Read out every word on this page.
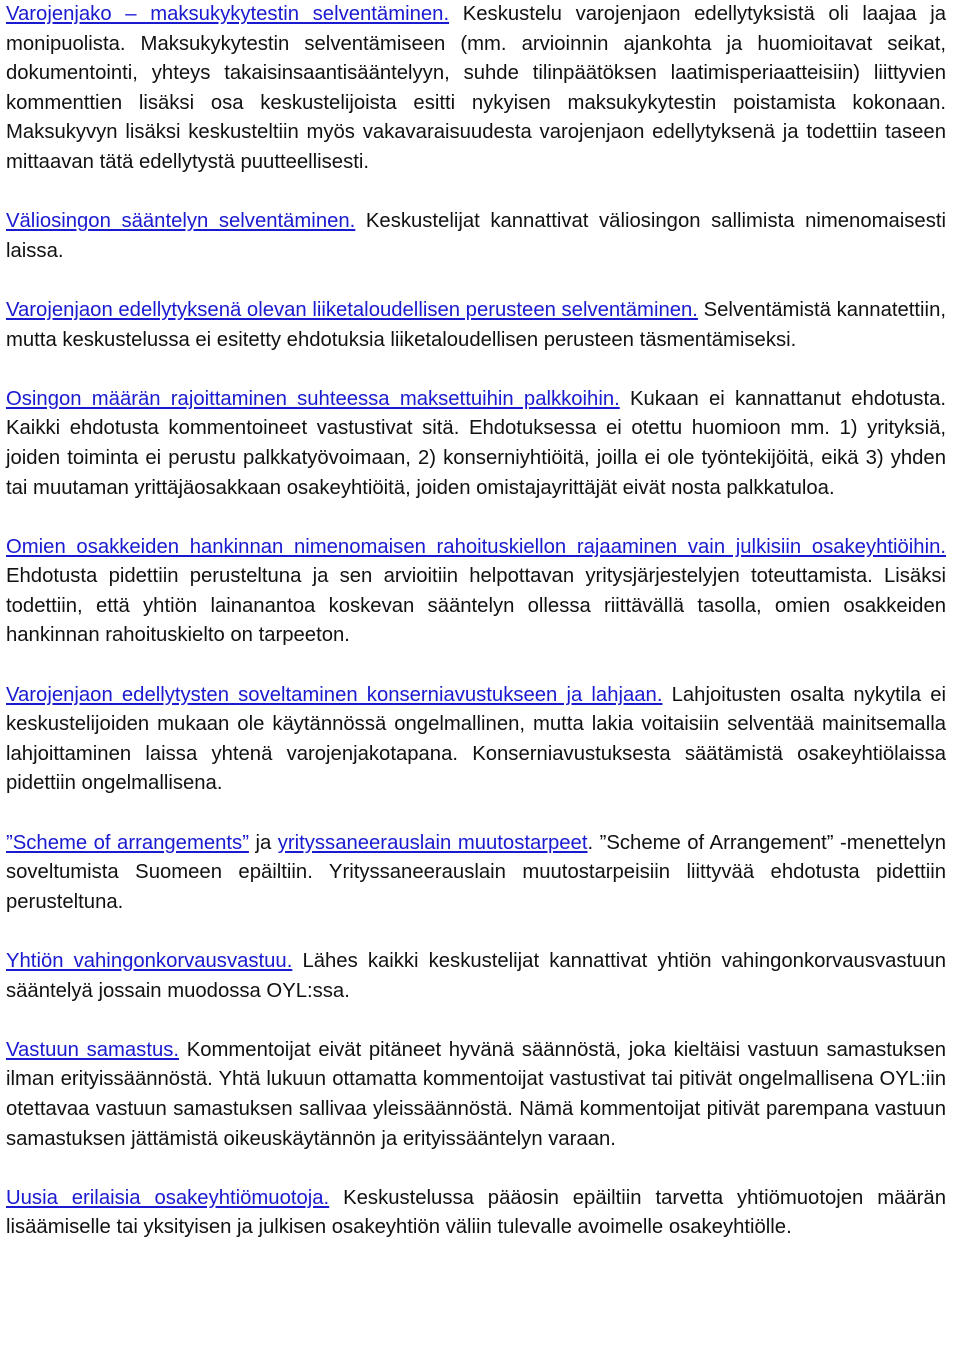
Varojenjako – maksukykytestin selventäminen. Keskustelu varojenjaon edellytyksistä oli laajaa ja monipuolista. Maksukykytestin selventämiseen (mm. arvioinnin ajankohta ja huomioitavat seikat, dokumentointi, yhteys takaisinsaantisääntelyyn, suhde tilinpäätöksen laatimisperiaatteisiin) liittyvien kommenttien lisäksi osa keskustelijoista esitti nykyisen maksukykytestin poistamista kokonaan. Maksukyvyn lisäksi keskusteltiin myös vakavaraisuudesta varojenjaon edellytyksenä ja todettiin taseen mittaavan tätä edellytystä puutteellisesti.

Väliosingon sääntelyn selventäminen. Keskustelijat kannattivat väliosingon sallimista nimenomaisesti laissa.

Varojenjaon edellytyksenä olevan liiketaloudellisen perusteen selventäminen. Selventämistä kannatettiin, mutta keskustelussa ei esitetty ehdotuksia liiketaloudellisen perusteen täsmentämiseksi.

Osingon määrän rajoittaminen suhteessa maksettuihin palkkoihin. Kukaan ei kannattanut ehdotusta. Kaikki ehdotusta kommentoineet vastustivat sitä. Ehdotuksessa ei otettu huomioon mm. 1) yrityksiä, joiden toiminta ei perustu palkkatyövoimaan, 2) konserniyhtiöitä, joilla ei ole työntekijöitä, eikä 3) yhden tai muutaman yrittäjäosakkaan osakeyhtiöitä, joiden omistajayrittäjät eivät nosta palkkatuloa.

Omien osakkeiden hankinnan nimenomaisen rahoituskiellon rajaaminen vain julkisiin osakeyhtiöihin. Ehdotusta pidettiin perusteltuna ja sen arvioitiin helpottavan yritysjärjestelyjen toteuttamista. Lisäksi todettiin, että yhtiön lainanantoa koskevan sääntelyn ollessa riittävällä tasolla, omien osakkeiden hankinnan rahoituskielto on tarpeeton.

Varojenjaon edellytysten soveltaminen konserniavustukseen ja lahjaan. Lahjoitusten osalta nykytila ei keskustelijoiden mukaan ole käytännössä ongelmallinen, mutta lakia voitaisiin selventää mainitsemalla lahjoittaminen laissa yhtenä varojenjakotapana. Konserniavustuksesta säätämistä osakeyhtiölaissa pidettiin ongelmallisena.

”Scheme of arrangements” ja yrityssaneerauslain muutostarpeet. ”Scheme of Arrangement” -menettelyn soveltumista Suomeen epäiltiin. Yrityssaneerauslain muutostarpeisiin liittyvää ehdotusta pidettiin perusteltuna.

Yhtiön vahingonkorvausvastuu. Lähes kaikki keskustelijat kannattivat yhtiön vahingonkorvausvastuun sääntelyä jossain muodossa OYL:ssa.

Vastuun samastus. Kommentoijat eivät pitäneet hyvänä säännöstä, joka kieltäisi vastuun samastuksen ilman erityissäännöstä. Yhtä lukuun ottamatta kommentoijat vastustivat tai pitivät ongelmallisena OYL:iin otettavaa vastuun samastuksen sallivaa yleissäännöstä. Nämä kommentoijat pitivät parempana vastuun samastuksen jättämistä oikeuskäytännön ja erityissääntelyn varaan.

Uusia erilaisia osakeyhtiömuotoja. Keskustelussa pääosin epäiltiin tarvetta yhtiömuotojen määrän lisäämiselle tai yksityisen ja julkisen osakeyhtiön väliin tulevalle avoimelle osakeyhtiölle.
